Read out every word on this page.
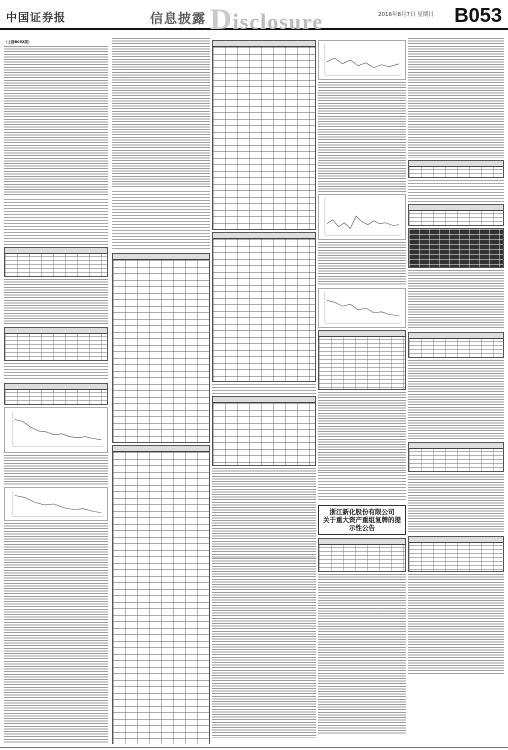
中国证券报	信息披露 Disclosure	2016年8月7日 星期日 B053
（上接B052版）
浙江新化股份有限公司
关于重大资产重组复牌的提示性公告
